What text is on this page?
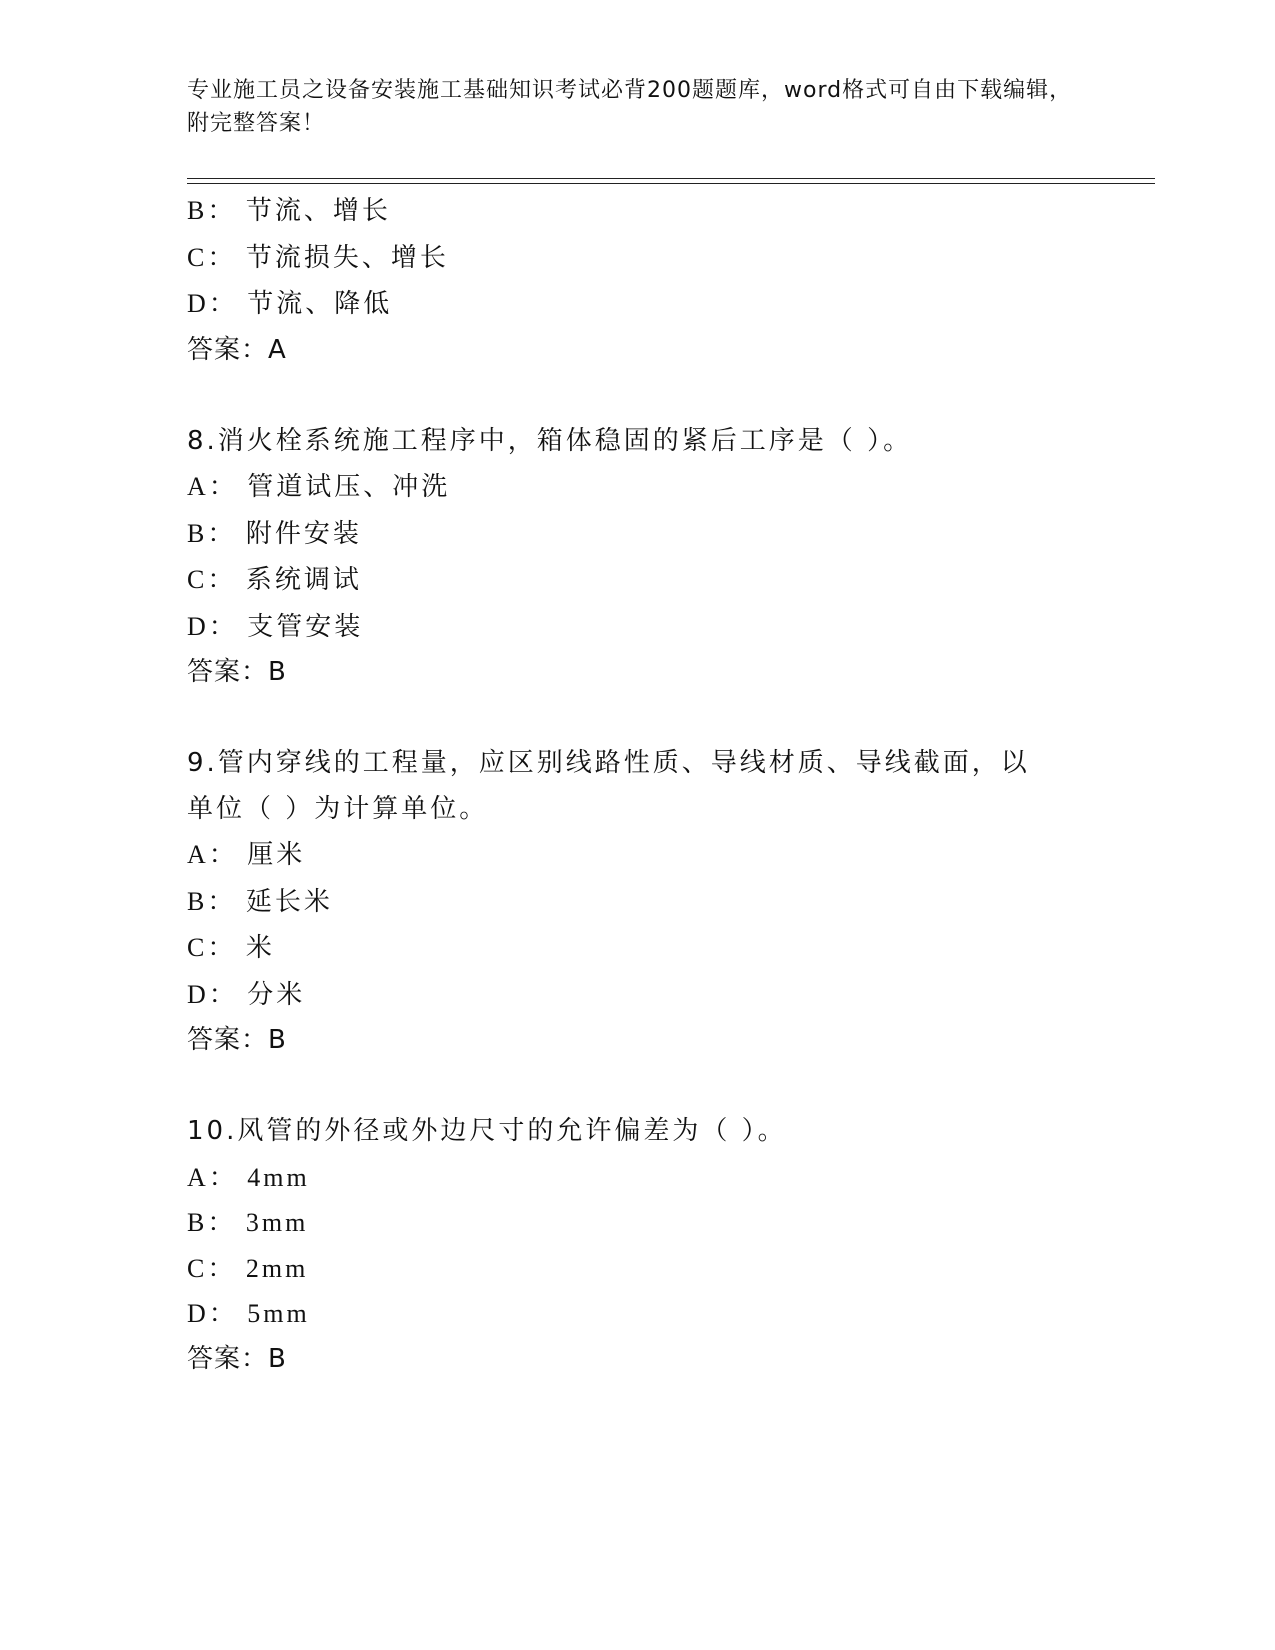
专业施工员之设备安装施工基础知识考试必背200题题库，word格式可自由下载编辑，附完整答案！
B： 节流、增长
C： 节流损失、增长
D： 节流、降低
答案：A
8.消火栓系统施工程序中，箱体稳固的紧后工序是（ ）。
A： 管道试压、冲洗
B： 附件安装
C： 系统调试
D： 支管安装
答案：B
9.管内穿线的工程量，应区别线路性质、导线材质、导线截面，以单位（ ）为计算单位。
A： 厘米
B： 延长米
C： 米
D： 分米
答案：B
10.风管的外径或外边尺寸的允许偏差为（ ）。
A： 4mm
B： 3mm
C： 2mm
D： 5mm
答案：B
